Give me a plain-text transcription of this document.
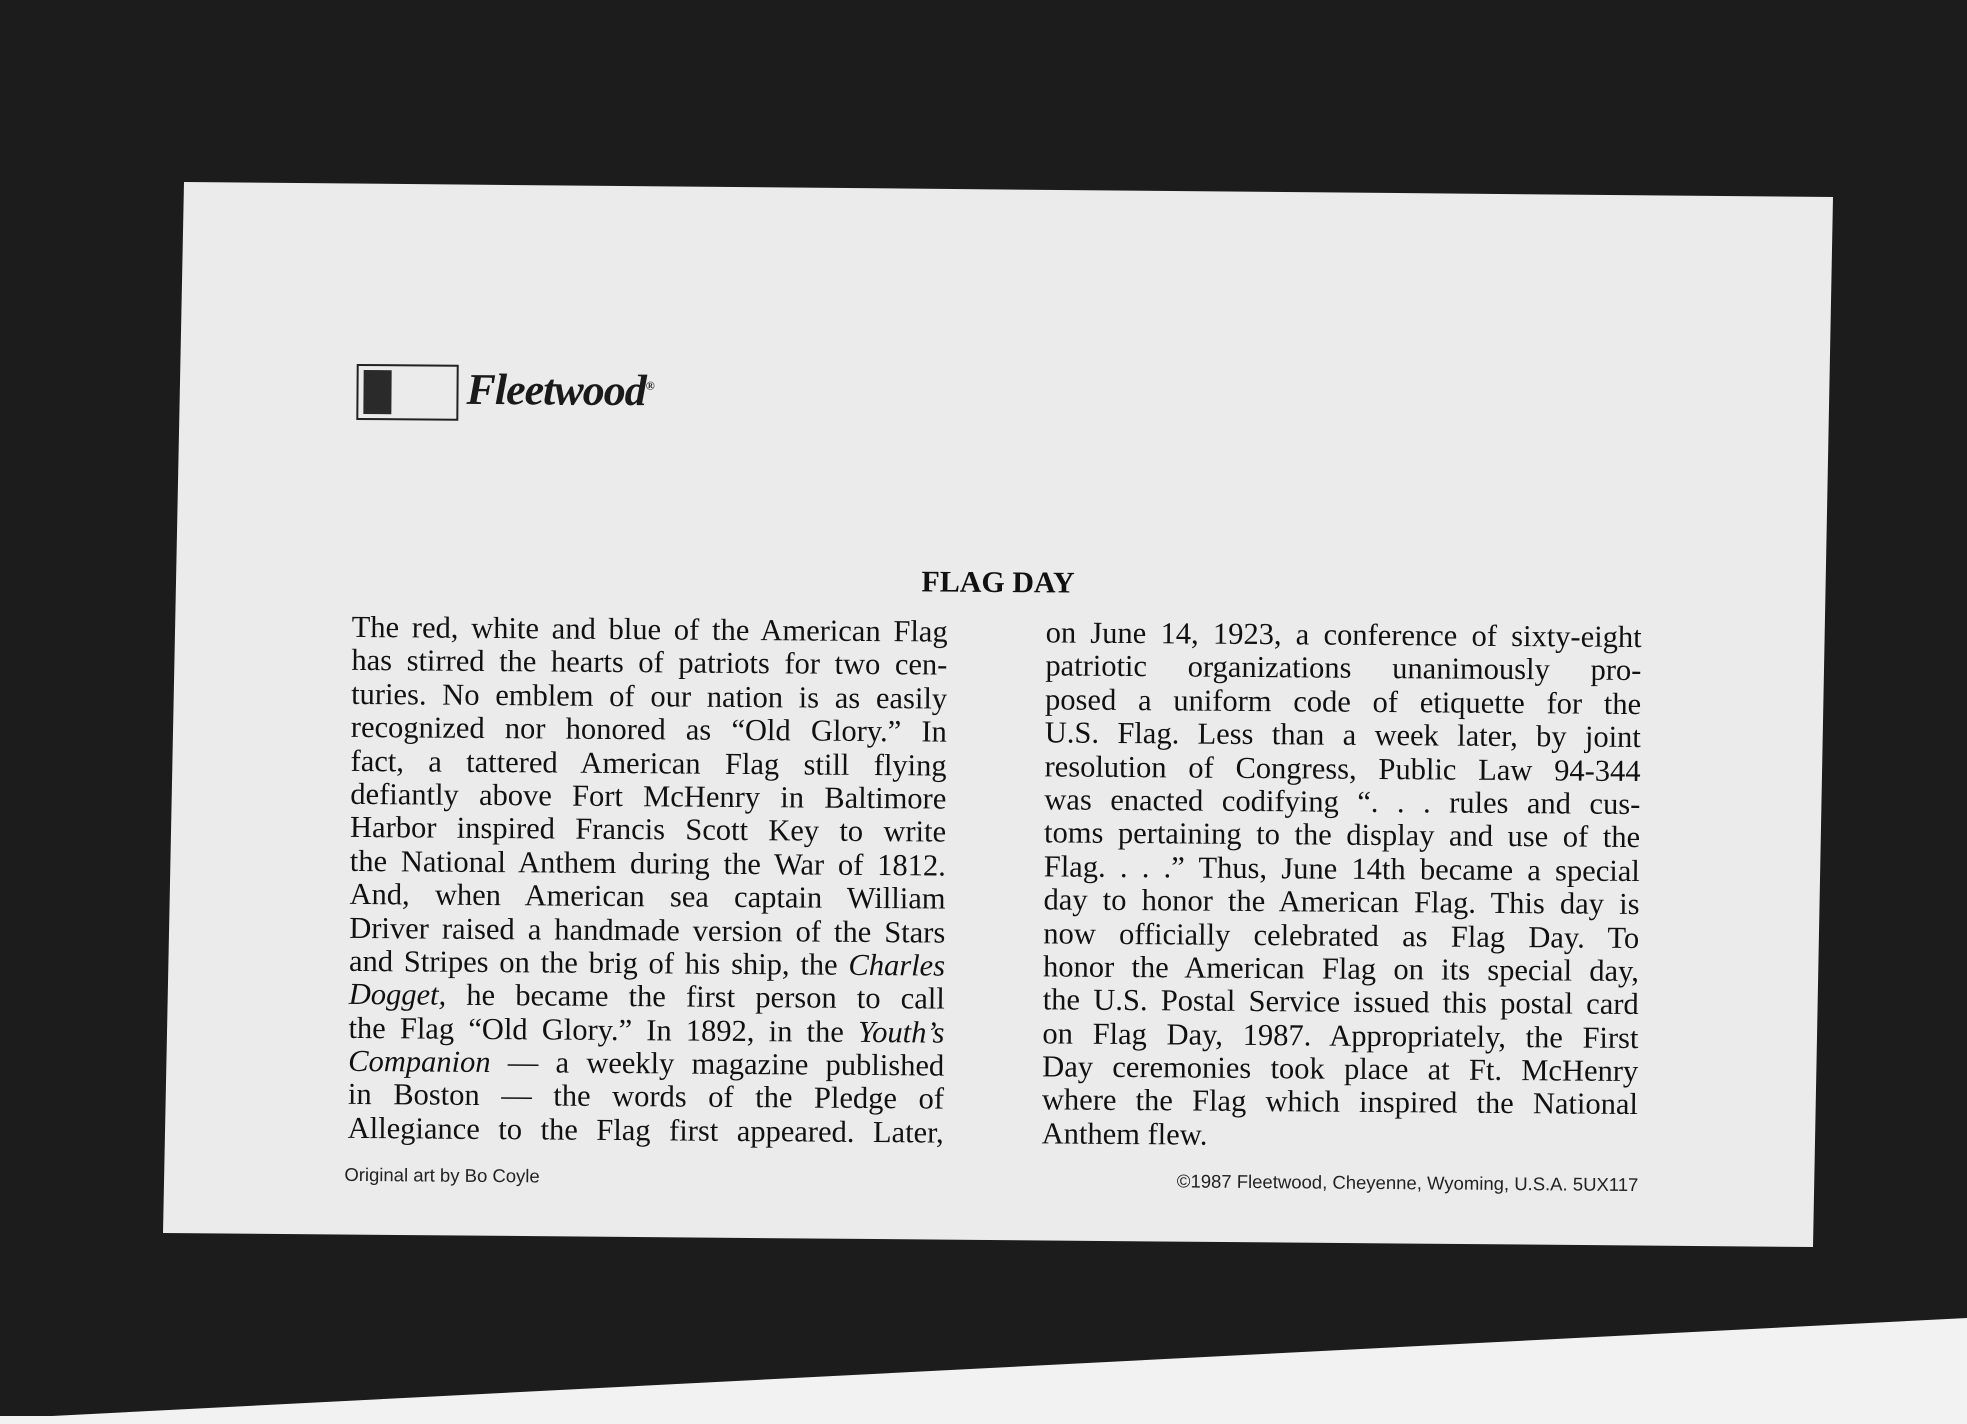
Fleetwood®
FLAG DAY
The red, white and blue of the American Flag
has stirred the hearts of patriots for two cen-
turies. No emblem of our nation is as easily
recognized nor honored as “Old Glory.” In
fact, a tattered American Flag still flying
defiantly above Fort McHenry in Baltimore
Harbor inspired Francis Scott Key to write
the National Anthem during the War of 1812.
And, when American sea captain William
Driver raised a handmade version of the Stars
and Stripes on the brig of his ship, the Charles
Dogget, he became the first person to call
the Flag “Old Glory.” In 1892, in the Youth’s
Companion — a weekly magazine published
in Boston — the words of the Pledge of
Allegiance to the Flag first appeared. Later,
on June 14, 1923, a conference of sixty-eight
patriotic organizations unanimously pro-
posed a uniform code of etiquette for the
U.S. Flag. Less than a week later, by joint
resolution of Congress, Public Law 94-344
was enacted codifying “. . . rules and cus-
toms pertaining to the display and use of the
Flag. . . .” Thus, June 14th became a special
day to honor the American Flag. This day is
now officially celebrated as Flag Day. To
honor the American Flag on its special day,
the U.S. Postal Service issued this postal card
on Flag Day, 1987. Appropriately, the First
Day ceremonies took place at Ft. McHenry
where the Flag which inspired the National
Anthem flew.
Original art by Bo Coyle	©1987 Fleetwood, Cheyenne, Wyoming, U.S.A. 5UX117
